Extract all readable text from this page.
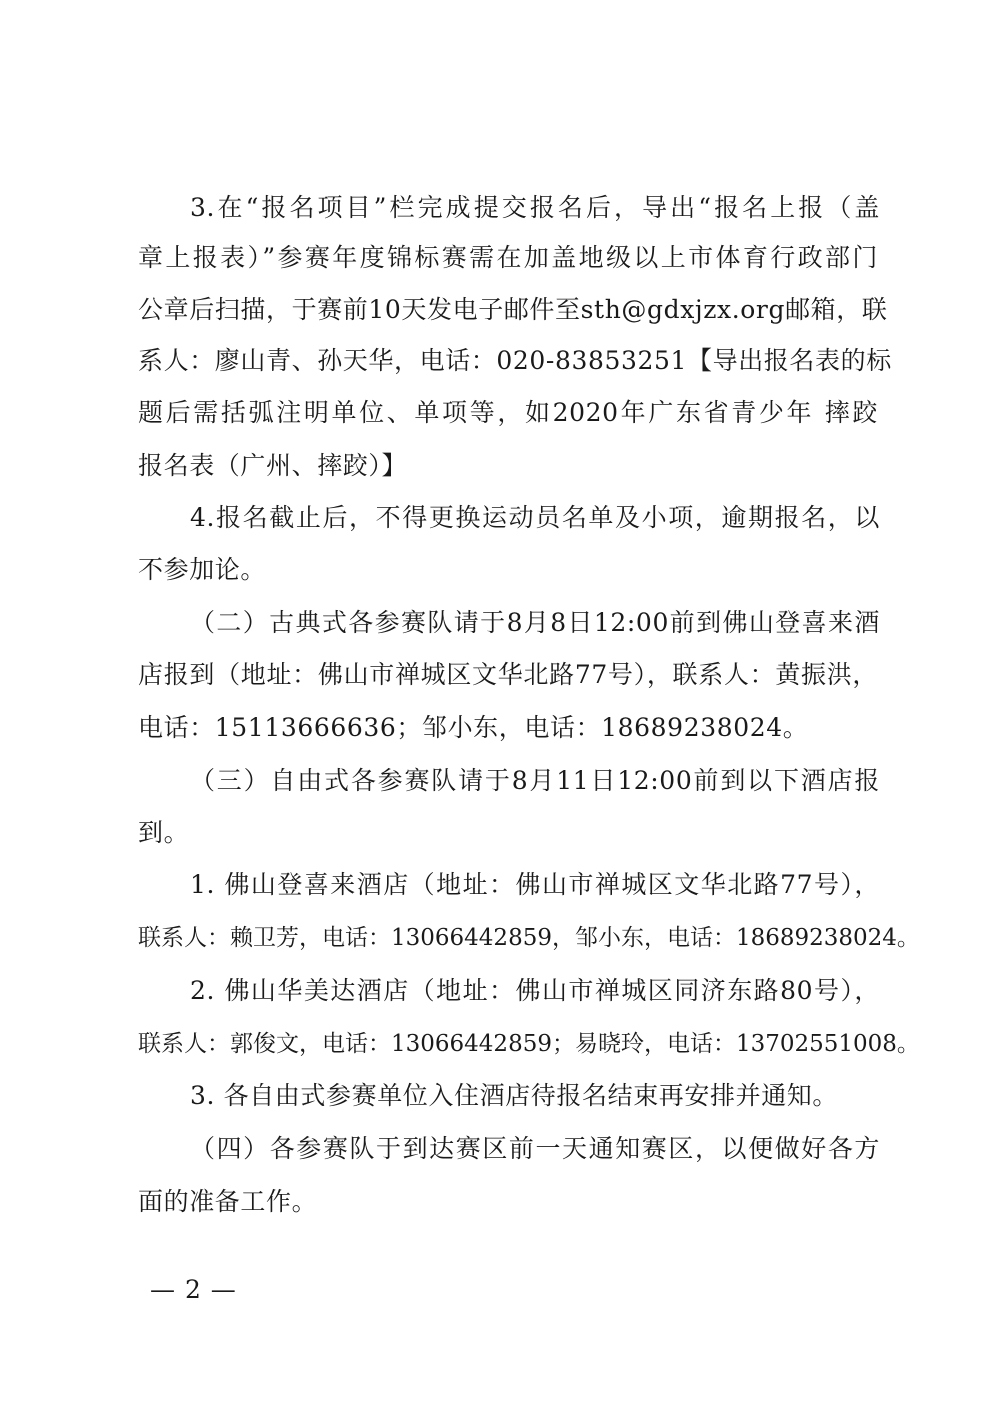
3.在“报名项目”栏完成提交报名后，导出“报名上报（盖
章上报表）”参赛年度锦标赛需在加盖地级以上市体育行政部门
公章后扫描，于赛前10天发电子邮件至sth@gdxjzx.org邮箱，联
系人：廖山青、孙天华，电话：020-83853251【导出报名表的标
题后需括弧注明单位、单项等，如2020年广东省青少年 摔跤
报名表（广州、摔跤）】
4.报名截止后，不得更换运动员名单及小项，逾期报名，以
不参加论。
（二）古典式各参赛队请于8月8日12:00前到佛山登喜来酒
店报到（地址：佛山市禅城区文华北路77号），联系人：黄振洪，
电话：15113666636；邹小东，电话：18689238024。
（三）自由式各参赛队请于8月11日12:00前到以下酒店报
到。
1. 佛山登喜来酒店（地址：佛山市禅城区文华北路77号），
联系人：赖卫芳，电话：13066442859，邹小东，电话：18689238024。
2. 佛山华美达酒店（地址：佛山市禅城区同济东路80号），
联系人：郭俊文，电话：13066442859；易晓玲，电话：13702551008。
3. 各自由式参赛单位入住酒店待报名结束再安排并通知。
（四）各参赛队于到达赛区前一天通知赛区，以便做好各方
面的准备工作。
— 2 —
